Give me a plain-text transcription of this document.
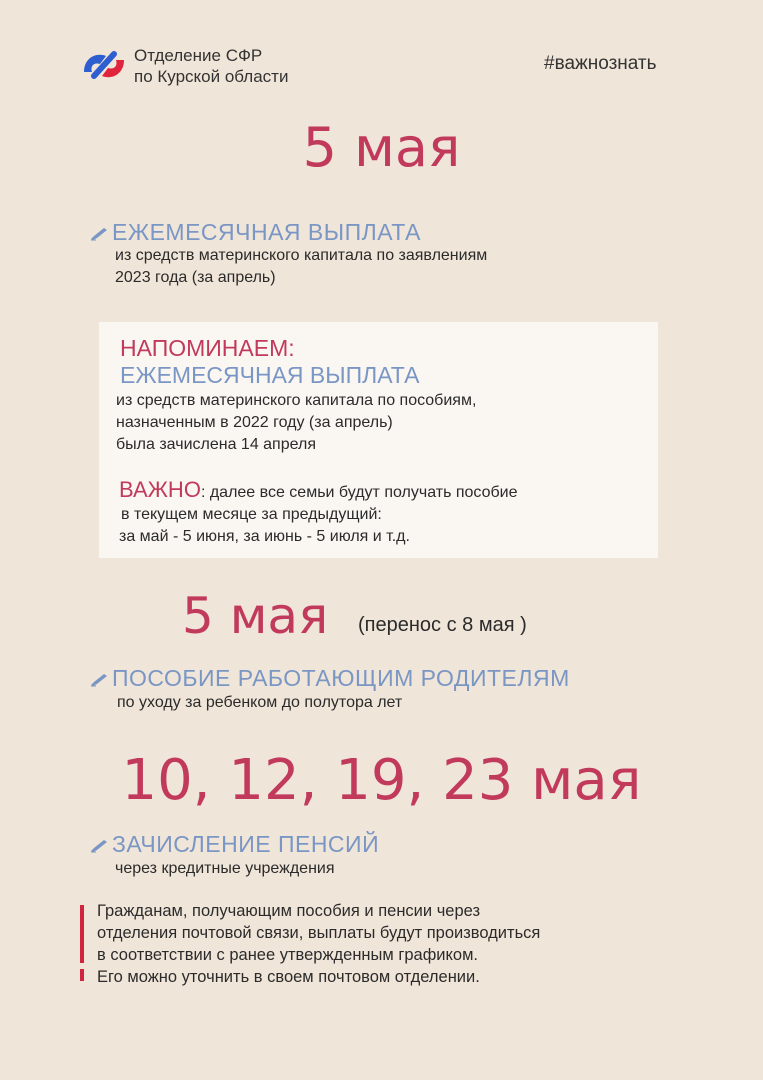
Отделение СФР
по Курской области
#важнознать
5 мая
ЕЖЕМЕСЯЧНАЯ ВЫПЛАТА
из средств материнского капитала по заявлениям
2023 года (за апрель)
НАПОМИНАЕМ:
ЕЖЕМЕСЯЧНАЯ ВЫПЛАТА
из средств материнского капитала по пособиям,
назначенным в 2022 году (за апрель)
была зачислена 14 апреля
ВАЖНО: далее все семьи будут получать пособие
в текущем месяце за предыдущий:
за май - 5 июня, за июнь - 5 июля и т.д.
5 мая (перенос с 8 мая )
ПОСОБИЕ РАБОТАЮЩИМ РОДИТЕЛЯМ
по уходу за ребенком до полутора лет
10, 12, 19, 23 мая
ЗАЧИСЛЕНИЕ ПЕНСИЙ
через кредитные учреждения
Гражданам, получающим пособия и пенсии через
отделения почтовой связи, выплаты будут производиться
в соответствии с ранее утвержденным графиком.
Его можно уточнить в своем почтовом отделении.
